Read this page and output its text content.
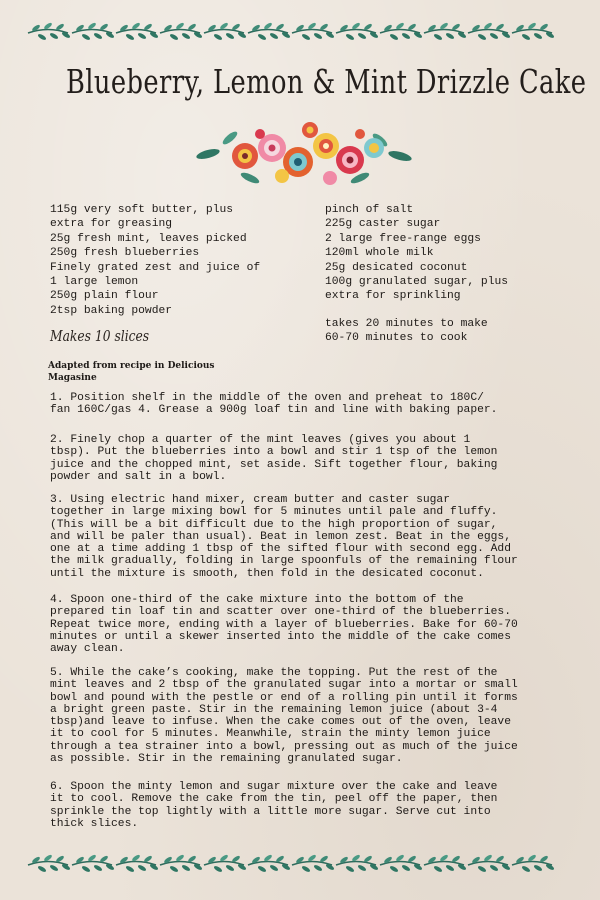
Blueberry, Lemon & Mint Drizzle Cake
115g very soft butter, plus
extra for greasing
25g fresh mint, leaves picked
250g fresh blueberries
Finely grated zest and juice of
1 large lemon
250g plain flour
2tsp baking powder
pinch of salt
225g caster sugar
2 large free-range eggs
120ml whole milk
25g desicated coconut
100g granulated sugar, plus
extra for sprinkling
takes 20 minutes to make
60-70 minutes to cook
Makes 10 slices
Adapted from recipe in Delicious
Magasine
1. Position shelf in the middle of the oven and preheat to 180C/
fan 160C/gas 4. Grease a 900g loaf tin and line with baking paper.
2. Finely chop a quarter of the mint leaves (gives you about 1
tbsp). Put the blueberries into a bowl and stir 1 tsp of the lemon
juice and the chopped mint, set aside. Sift together flour, baking
powder and salt in a bowl.
3. Using electric hand mixer, cream butter and caster sugar
together in large mixing bowl for 5 minutes until pale and fluffy.
(This will be a bit difficult due to the high proportion of sugar,
and will be paler than usual). Beat in lemon zest. Beat in the eggs,
one at a time adding 1 tbsp of the sifted flour with second egg. Add
the milk gradually, folding in large spoonfuls of the remaining flour
until the mixture is smooth, then fold in the desicated coconut.
4. Spoon one-third of the cake mixture into the bottom of the
prepared tin loaf tin and scatter over one-third of the blueberries.
Repeat twice more, ending with a layer of blueberries. Bake for 60-70
minutes or until a skewer inserted into the middle of the cake comes
away clean.
5. While the cake’s cooking, make the topping. Put the rest of the
mint leaves and 2 tbsp of the granulated sugar into a mortar or small
bowl and pound with the pestle or end of a rolling pin until it forms
a bright green paste. Stir in the remaining lemon juice (about 3-4
tbsp)and leave to infuse. When the cake comes out of the oven, leave
it to cool for 5 minutes. Meanwhile, strain the minty lemon juice
through a tea strainer into a bowl, pressing out as much of the juice
as possible. Stir in the remaining granulated sugar.
6. Spoon the minty lemon and sugar mixture over the cake and leave
it to cool. Remove the cake from the tin, peel off the paper, then
sprinkle the top lightly with a little more sugar. Serve cut into
thick slices.
